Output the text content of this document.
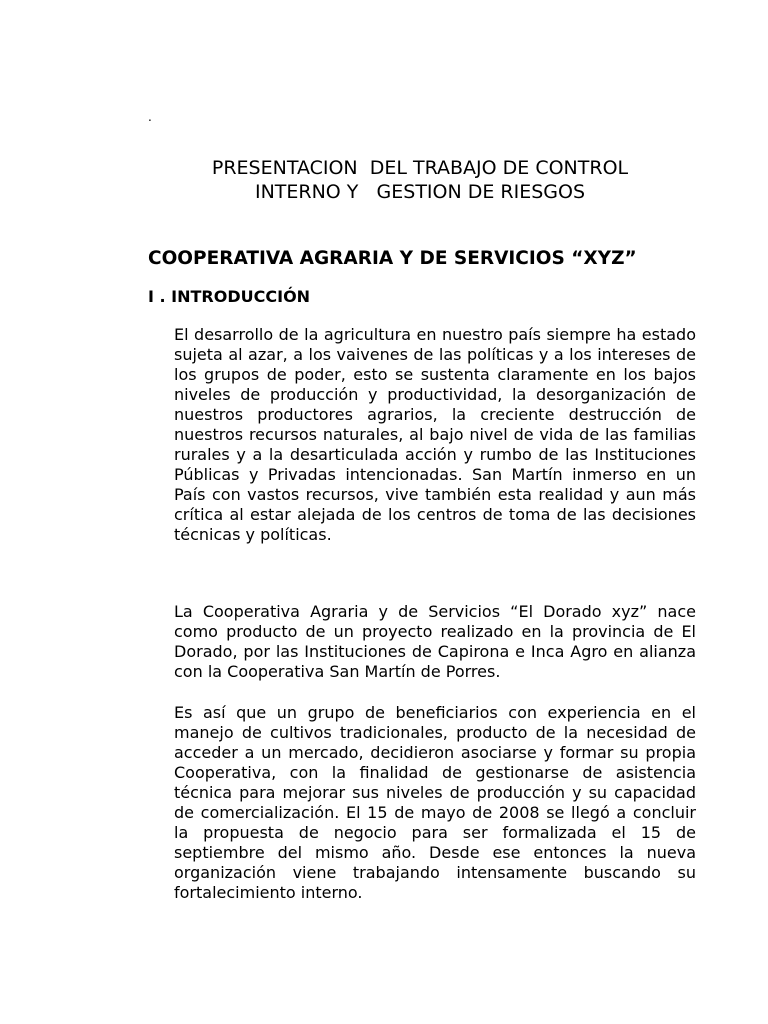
.
PRESENTACION  DEL TRABAJO DE CONTROL
INTERNO Y   GESTION DE RIESGOS
COOPERATIVA AGRARIA Y DE SERVICIOS “XYZ”
I . INTRODUCCIÓN

El desarrollo de la agricultura en nuestro país siempre ha estado sujeta al azar, a los vaivenes de las políticas y a los intereses de los grupos de poder, esto se sustenta claramente en los bajos niveles de producción y productividad, la desorganización de nuestros productores agrarios, la creciente destrucción de nuestros recursos naturales, al bajo nivel de vida de las familias rurales y a la desarticulada acción y rumbo de las Instituciones Públicas y Privadas intencionadas. San Martín inmerso en un País con vastos recursos, vive también esta realidad y aun más crítica al estar alejada de los centros de toma de las decisiones técnicas y políticas.

La Cooperativa Agraria y de Servicios “El Dorado xyz” nace como producto de un proyecto realizado en la provincia de El Dorado, por las Instituciones de Capirona e Inca Agro en alianza con la Cooperativa San Martín de Porres.

Es así que un grupo de beneficiarios con experiencia en el manejo de cultivos tradicionales, producto de la necesidad de acceder a un mercado, decidieron asociarse y formar su propia Cooperativa, con la finalidad de gestionarse de asistencia técnica para mejorar sus niveles de producción y su capacidad de comercialización. El 15 de mayo de 2008 se llegó a concluir la propuesta de negocio para ser formalizada el 15 de septiembre del mismo año. Desde ese entonces la nueva organización viene trabajando intensamente buscando su fortalecimiento interno.
